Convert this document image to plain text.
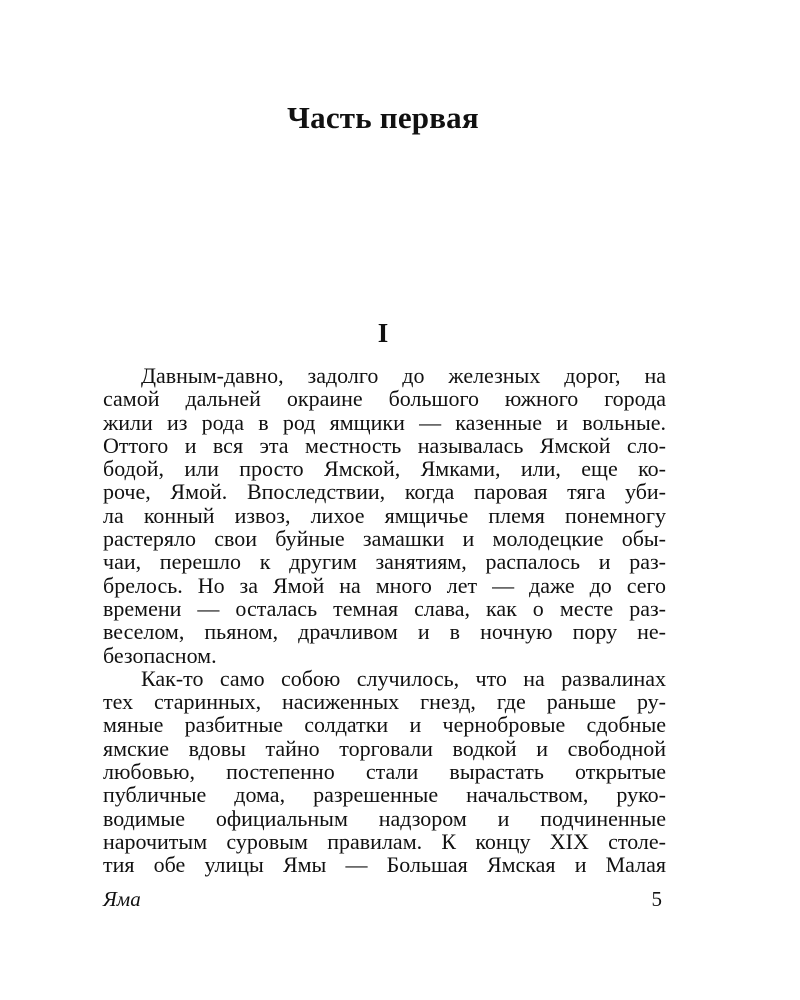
Часть первая
I

Давным-давно, задолго до железных дорог, на
самой дальней окраине большого южного города
жили из рода в род ямщики — казенные и вольные.
Оттого и вся эта местность называлась Ямской сло-
бодой, или просто Ямской, Ямками, или, еще ко-
роче, Ямой. Впоследствии, когда паровая тяга уби-
ла конный извоз, лихое ямщичье племя понемногу
растеряло свои буйные замашки и молодецкие обы-
чаи, перешло к другим занятиям, распалось и раз-
брелось. Но за Ямой на много лет — даже до сего
времени — осталась темная слава, как о месте раз-
веселом, пьяном, драчливом и в ночную пору не-
безопасном.

Как-то само собою случилось, что на развалинах
тех старинных, насиженных гнезд, где раньше ру-
мяные разбитные солдатки и чернобровые сдобные
ямские вдовы тайно торговали водкой и свободной
любовью, постепенно стали вырастать открытые
публичные дома, разрешенные начальством, руко-
водимые официальным надзором и подчиненные
нарочитым суровым правилам. К концу XIX столе-
тия обе улицы Ямы — Большая Ямская и Малая

Яма	5
